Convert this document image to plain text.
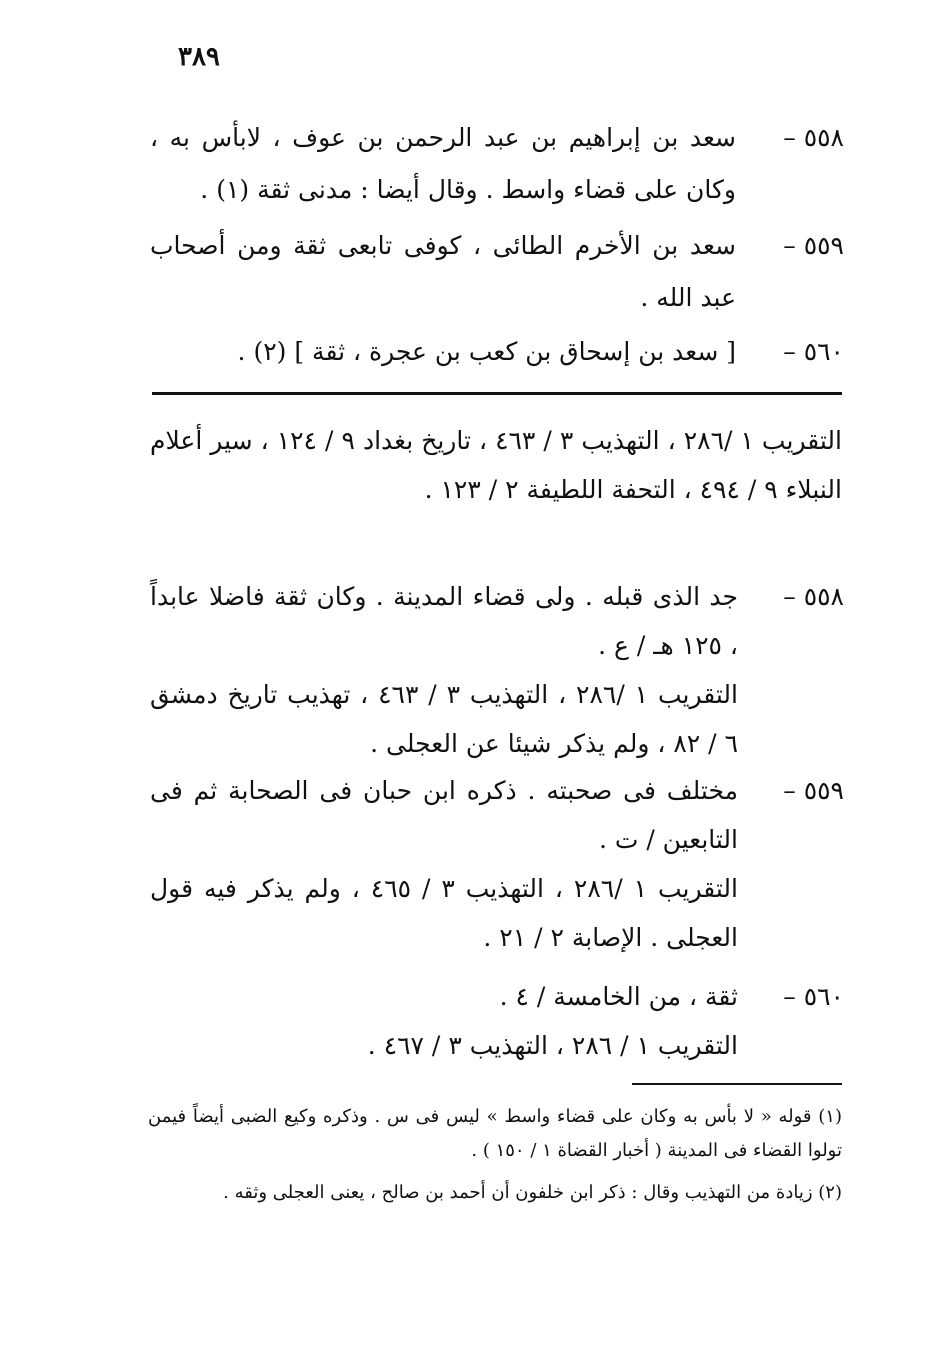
٣٨٩
٥٥٨ –
سعد بن إبراهيم بن عبد الرحمن بن عوف ، لابأس به ، وكان على قضاء واسط . وقال أيضا : مدنى ثقة (١) .
٥٥٩ –
سعد بن الأخرم الطائى ، كوفى تابعى ثقة ومن أصحاب عبد الله .
٥٦٠ –
[ سعد بن إسحاق بن كعب بن عجرة ، ثقة ] (٢) .
التقريب ١ /٢٨٦ ، التهذيب ٣ / ٤٦٣ ، تاريخ بغداد ٩ / ١٢٤ ، سير أعلام النبلاء ٩ / ٤٩٤ ، التحفة اللطيفة ٢ / ١٢٣ .
٥٥٨ –
جد الذى قبله . ولى قضاء المدينة . وكان ثقة فاضلا عابداً ، ١٢٥ هـ / ع .
التقريب ١ /٢٨٦ ، التهذيب ٣ / ٤٦٣ ، تهذيب تاريخ دمشق ٦ / ٨٢ ، ولم يذكر شيئا عن العجلى .
٥٥٩ –
مختلف فى صحبته . ذكره ابن حبان فى الصحابة ثم فى التابعين / ت .
التقريب ١ /٢٨٦ ، التهذيب ٣ / ٤٦٥ ، ولم يذكر فيه قول العجلى . الإصابة ٢ / ٢١ .
٥٦٠ –
ثقة ، من الخامسة / ٤ .
التقريب ١ / ٢٨٦ ، التهذيب ٣ / ٤٦٧ .
(١) قوله « لا بأس به وكان على قضاء واسط » ليس فى س . وذكره وكيع الضبى أيضاً فيمن تولوا القضاء فى المدينة ( أخبار القضاة ١ / ١٥٠ ) .
(٢) زيادة من التهذيب وقال : ذكر ابن خلفون أن أحمد بن صالح ، يعنى العجلى وثقه .
